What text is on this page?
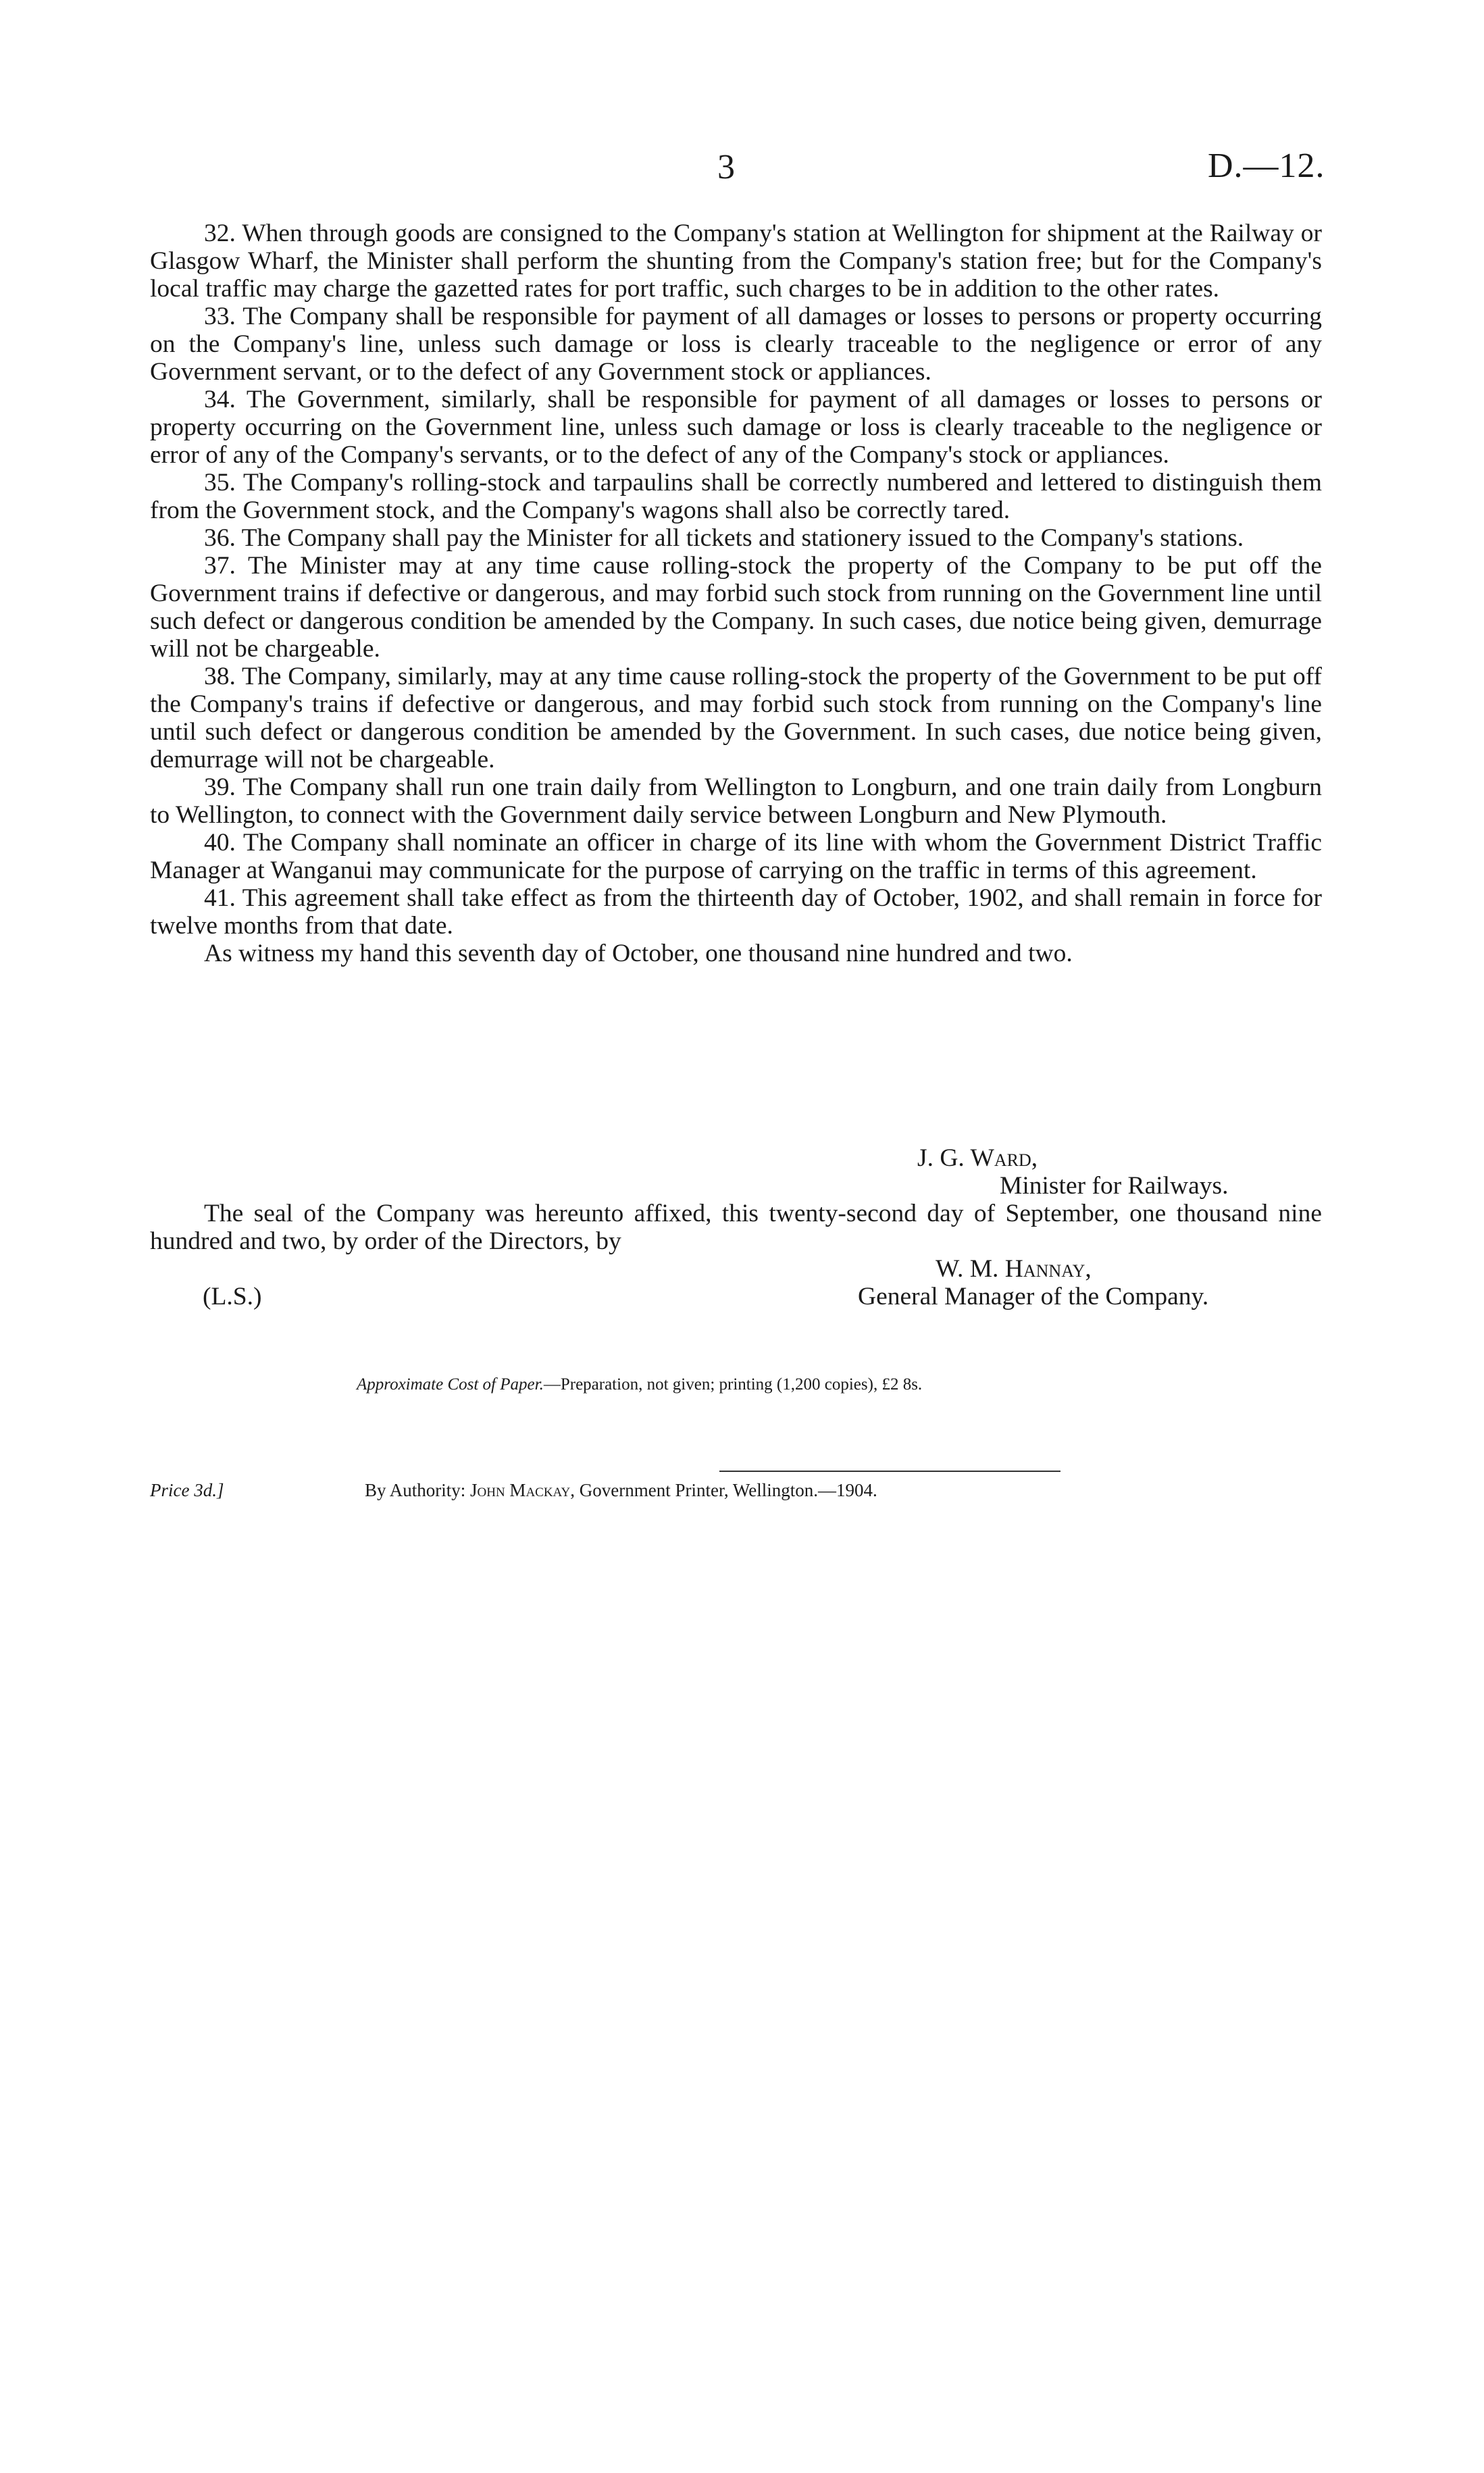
3	D.—12.

32. When through goods are consigned to the Company's station at Wellington for shipment at the Railway or Glasgow Wharf, the Minister shall perform the shunting from the Company's station free; but for the Company's local traffic may charge the gazetted rates for port traffic, such charges to be in addition to the other rates.

33. The Company shall be responsible for payment of all damages or losses to persons or property occurring on the Company's line, unless such damage or loss is clearly traceable to the negligence or error of any Government servant, or to the defect of any Government stock or appliances.

34. The Government, similarly, shall be responsible for payment of all damages or losses to persons or property occurring on the Government line, unless such damage or loss is clearly traceable to the negligence or error of any of the Company's servants, or to the defect of any of the Company's stock or appliances.

35. The Company's rolling-stock and tarpaulins shall be correctly numbered and lettered to distinguish them from the Government stock, and the Company's wagons shall also be correctly tared.

36. The Company shall pay the Minister for all tickets and stationery issued to the Company's stations.

37. The Minister may at any time cause rolling-stock the property of the Company to be put off the Government trains if defective or dangerous, and may forbid such stock from running on the Government line until such defect or dangerous condition be amended by the Company. In such cases, due notice being given, demurrage will not be chargeable.

38. The Company, similarly, may at any time cause rolling-stock the property of the Government to be put off the Company's trains if defective or dangerous, and may forbid such stock from running on the Company's line until such defect or dangerous condition be amended by the Government. In such cases, due notice being given, demurrage will not be chargeable.

39. The Company shall run one train daily from Wellington to Longburn, and one train daily from Longburn to Wellington, to connect with the Government daily service between Longburn and New Plymouth.

40. The Company shall nominate an officer in charge of its line with whom the Government District Traffic Manager at Wanganui may communicate for the purpose of carrying on the traffic in terms of this agreement.

41. This agreement shall take effect as from the thirteenth day of October, 1902, and shall remain in force for twelve months from that date.

As witness my hand this seventh day of October, one thousand nine hundred and two.

J. G. Ward,
Minister for Railways.

The seal of the Company was hereunto affixed, this twenty-second day of September, one thousand nine hundred and two, by order of the Directors, by

W. M. Hannay,
(L.S.)	General Manager of the Company.
Approximate Cost of Paper.—Preparation, not given; printing (1,200 copies), £2 8s.
Price 3d.]	By Authority: John Mackay, Government Printer, Wellington.—1904.
